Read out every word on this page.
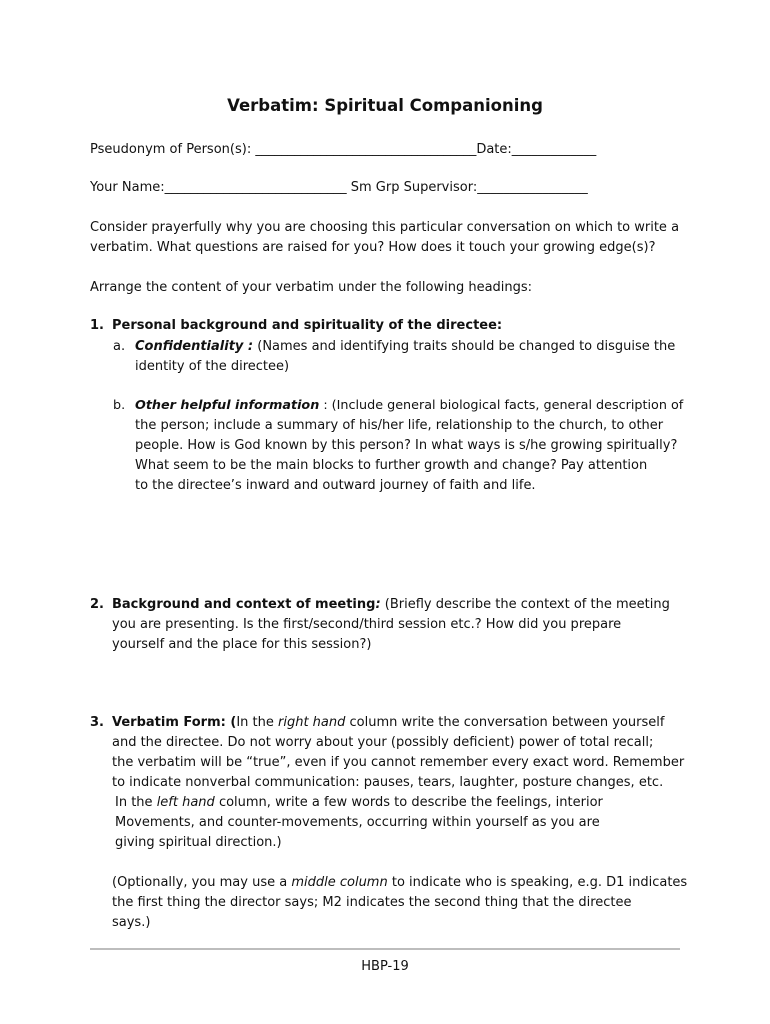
Verbatim: Spiritual Companioning
Pseudonym of Person(s): __________________________________Date:_____________
Your Name:____________________________ Sm Grp Supervisor:_________________
Consider prayerfully why you are choosing this particular conversation on which to write a
verbatim. What questions are raised for you? How does it touch your growing edge(s)?
Arrange the content of your verbatim under the following headings:
1. Personal background and spirituality of the directee:
a. Confidentiality : (Names and identifying traits should be changed to disguise the
identity of the directee)
b. Other helpful information : (Include general biological facts, general description of
the person; include a summary of his/her life, relationship to the church, to other
people. How is God known by this person? In what ways is s/he growing spiritually?
What seem to be the main blocks to further growth and change? Pay attention
to the directee’s inward and outward journey of faith and life.
2. Background and context of meeting: (Briefly describe the context of the meeting
you are presenting. Is the first/second/third session etc.? How did you prepare
yourself and the place for this session?)
3. Verbatim Form: (In the right hand column write the conversation between yourself
and the directee. Do not worry about your (possibly deficient) power of total recall;
the verbatim will be “true”, even if you cannot remember every exact word. Remember
to indicate nonverbal communication: pauses, tears, laughter, posture changes, etc.
In the left hand column, write a few words to describe the feelings, interior
Movements, and counter-movements, occurring within yourself as you are
giving spiritual direction.)
(Optionally, you may use a middle column to indicate who is speaking, e.g. D1 indicates
the first thing the director says; M2 indicates the second thing that the directee
says.)
HBP-19
